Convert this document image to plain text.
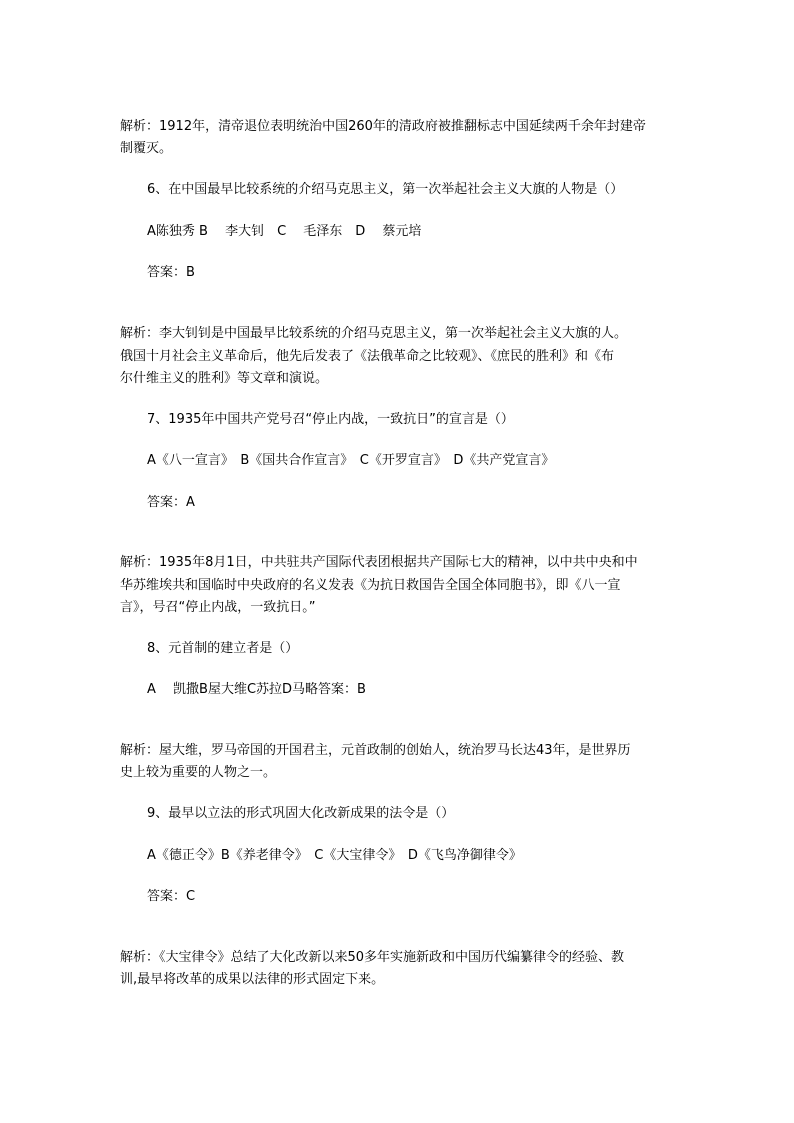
解析：1912年，清帝退位表明统治中国260年的清政府被推翻标志中国延续两千余年封建帝
制覆灭。
6、在中国最早比较系统的介绍马克思主义，第一次举起社会主义大旗的人物是（）
A陈独秀 B　 李大钊　C　 毛泽东　D　 蔡元培
答案：B
解析：李大钊钊是中国最早比较系统的介绍马克思主义，第一次举起社会主义大旗的人。
俄国十月社会主义革命后，他先后发表了《法俄革命之比较观》、《庶民的胜利》和《布
尔什维主义的胜利》等文章和演说。
7、1935年中国共产党号召“停止内战，一致抗日”的宣言是（）
A《八一宣言》　B《国共合作宣言》　C《开罗宣言》　D《共产党宣言》
答案：A
解析：1935年8月1日，中共驻共产国际代表团根据共产国际七大的精神，以中共中央和中
华苏维埃共和国临时中央政府的名义发表《为抗日救国告全国全体同胞书》，即《八一宣
言》，号召“停止内战，一致抗日。”
8、元首制的建立者是（）
A　 凯撒B屋大维C苏拉D马略答案：B
解析：屋大维，罗马帝国的开国君主，元首政制的创始人，统治罗马长达43年，是世界历
史上较为重要的人物之一。
9、最早以立法的形式巩固大化改新成果的法令是（）
A《德正令》B《养老律令》　C《大宝律令》　D《飞鸟净御律令》
答案：C
解析：《大宝律令》总结了大化改新以来50多年实施新政和中国历代编纂律令的经验、教
训,最早将改革的成果以法律的形式固定下来。
